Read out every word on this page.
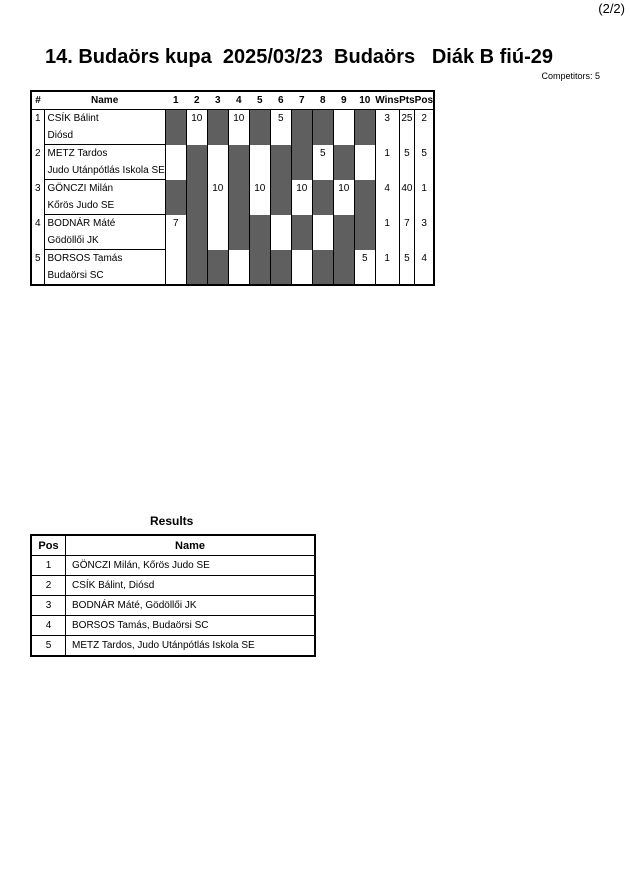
(2/2)
14. Budaörs kupa  2025/03/23  Budaörs   Diák B fiú-29
Competitors: 5
#	Name	1	2	3	4	5	6	7	8	9	10	Wins	Pts	Pos
1	CSÍK Bálint		10		10		5					3	25	2
	Diósd													
2	METZ Tardos								5			1	5	5
	Judo Utánpótlás Iskola SE													
3	GÖNCZI Milán			10		10		10		10		4	40	1
	Kőrös Judo SE													
4	BODNÁR Máté	7										1	7	3
	Gödöllői JK													
5	BORSOS Tamás										5	1	5	4
	Budaörsi SC													
Results
Pos	Name
1	GÖNCZI Milán, Kőrös Judo SE
2	CSÍK Bálint, Diósd
3	BODNÁR Máté, Gödöllői JK
4	BORSOS Tamás, Budaörsi SC
5	METZ Tardos, Judo Utánpótlás Iskola SE
